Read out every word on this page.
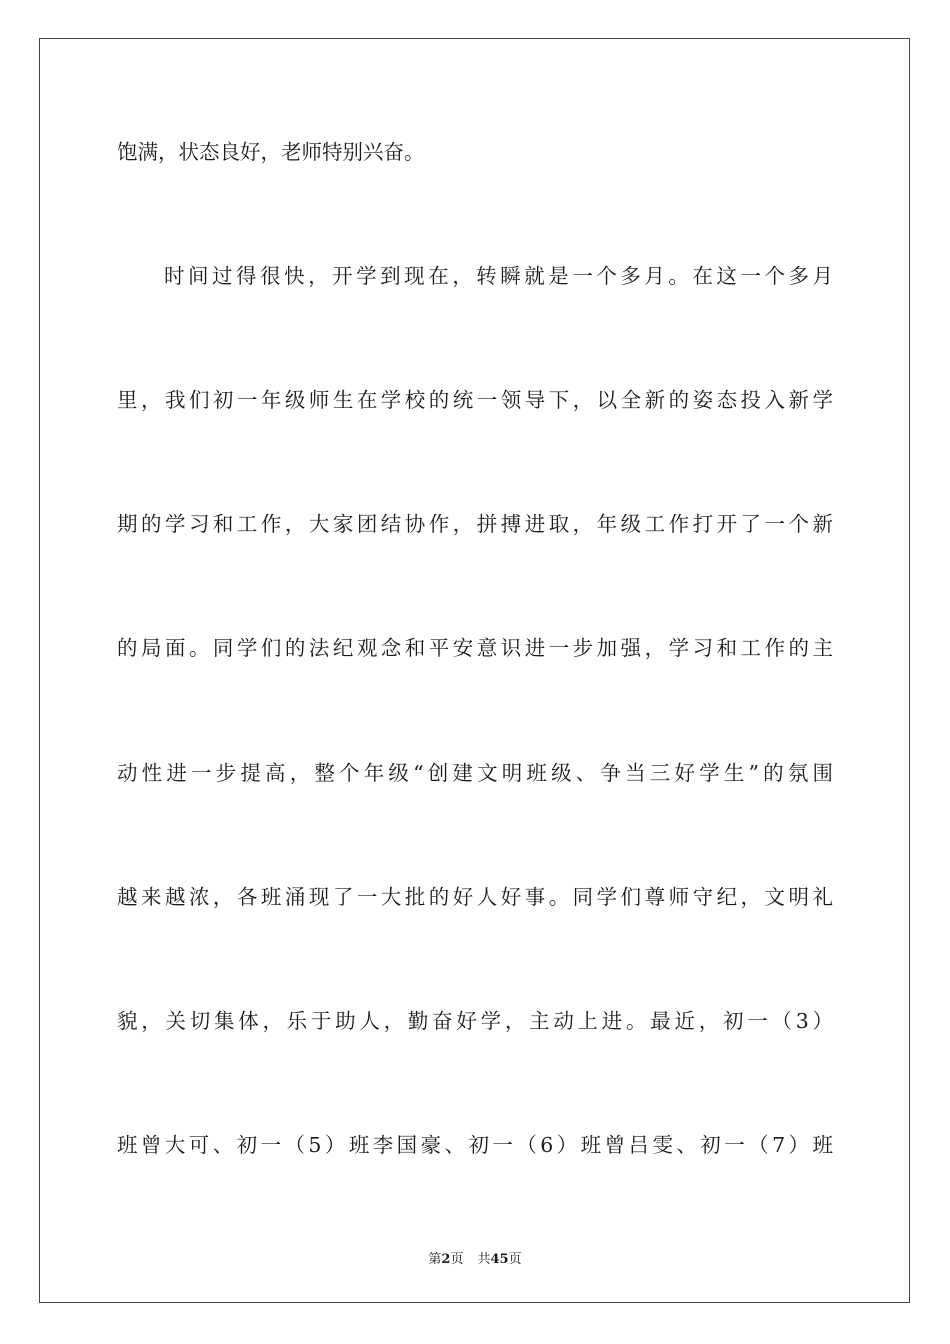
饱满，状态良好，老师特别兴奋。
时间过得很快，开学到现在，转瞬就是一个多月。在这一个多月
里，我们初一年级师生在学校的统一领导下，以全新的姿态投入新学
期的学习和工作，大家团结协作，拼搏进取，年级工作打开了一个新
的局面。同学们的法纪观念和平安意识进一步加强，学习和工作的主
动性进一步提高，整个年级“创建文明班级、争当三好学生”的氛围
越来越浓，各班涌现了一大批的好人好事。同学们尊师守纪，文明礼
貌，关切集体，乐于助人，勤奋好学，主动上进。最近，初一（3）
班曾大可、初一（5）班李国豪、初一（6）班曾吕雯、初一（7）班
第2页 共45页
